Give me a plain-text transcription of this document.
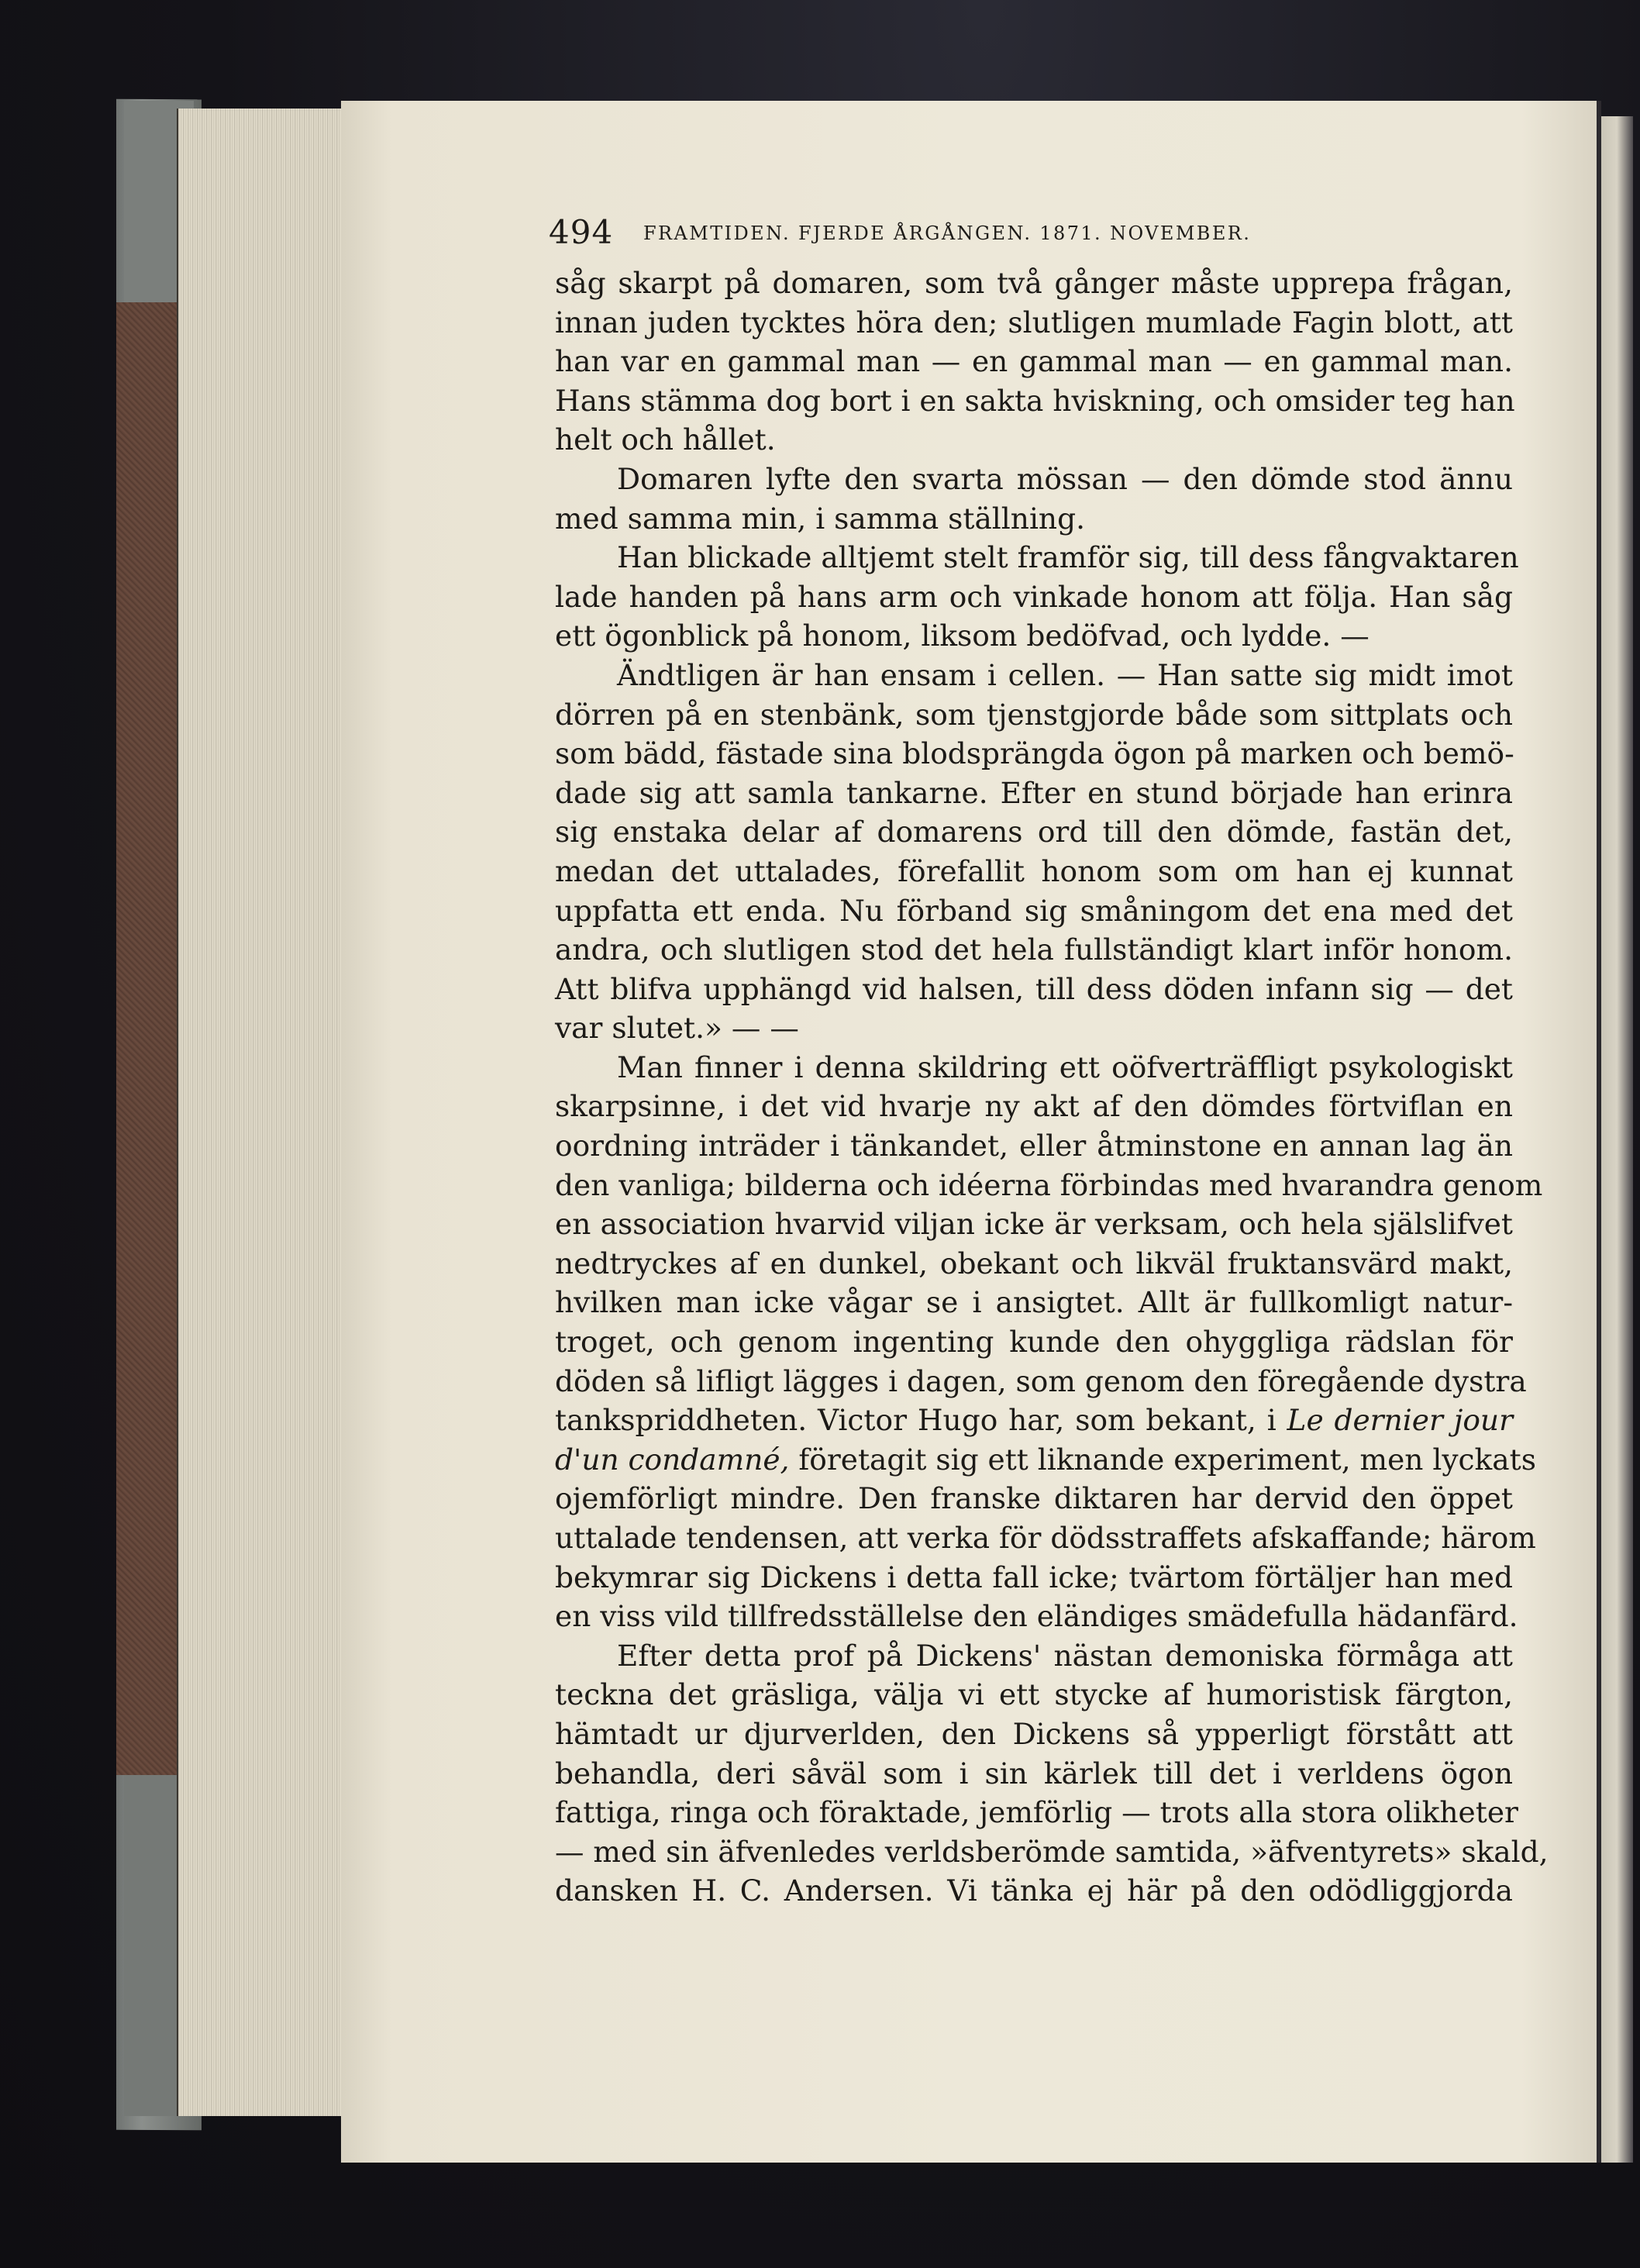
494 FRAMTIDEN. FJERDE ÅRGÅNGEN. 1871. NOVEMBER.
såg skarpt på domaren, som två gånger måste upprepa frågan,
innan juden tycktes höra den; slutligen mumlade Fagin blott, att
han var en gammal man — en gammal man — en gammal man.
Hans stämma dog bort i en sakta hviskning, och omsider teg han
helt och hållet.
Domaren lyfte den svarta mössan — den dömde stod ännu
med samma min, i samma ställning.
Han blickade alltjemt stelt framför sig, till dess fångvaktaren
lade handen på hans arm och vinkade honom att följa. Han såg
ett ögonblick på honom, liksom bedöfvad, och lydde. —
Ändtligen är han ensam i cellen. — Han satte sig midt imot
dörren på en stenbänk, som tjenstgjorde både som sittplats och
som bädd, fästade sina blodsprängda ögon på marken och bemö-
dade sig att samla tankarne. Efter en stund började han erinra
sig enstaka delar af domarens ord till den dömde, fastän det,
medan det uttalades, förefallit honom som om han ej kunnat
uppfatta ett enda. Nu förband sig småningom det ena med det
andra, och slutligen stod det hela fullständigt klart inför honom.
Att blifva upphängd vid halsen, till dess döden infann sig — det
var slutet.» — —
Man finner i denna skildring ett oöfverträffligt psykologiskt
skarpsinne, i det vid hvarje ny akt af den dömdes förtviflan en
oordning inträder i tänkandet, eller åtminstone en annan lag än
den vanliga; bilderna och idéerna förbindas med hvarandra genom
en association hvarvid viljan icke är verksam, och hela själslifvet
nedtryckes af en dunkel, obekant och likväl fruktansvärd makt,
hvilken man icke vågar se i ansigtet. Allt är fullkomligt natur-
troget, och genom ingenting kunde den ohyggliga rädslan för
döden så lifligt lägges i dagen, som genom den föregående dystra
tankspriddheten. Victor Hugo har, som bekant, i Le dernier jour
d'un condamné, företagit sig ett liknande experiment, men lyckats
ojemförligt mindre. Den franske diktaren har dervid den öppet
uttalade tendensen, att verka för dödsstraffets afskaffande; härom
bekymrar sig Dickens i detta fall icke; tvärtom förtäljer han med
en viss vild tillfredsställelse den eländiges smädefulla hädanfärd.
Efter detta prof på Dickens' nästan demoniska förmåga att
teckna det gräsliga, välja vi ett stycke af humoristisk färgton,
hämtadt ur djurverlden, den Dickens så ypperligt förstått att
behandla, deri såväl som i sin kärlek till det i verldens ögon
fattiga, ringa och föraktade, jemförlig — trots alla stora olikheter
— med sin äfvenledes verldsberömde samtida, »äfventyrets» skald,
dansken H. C. Andersen. Vi tänka ej här på den odödliggjorda
